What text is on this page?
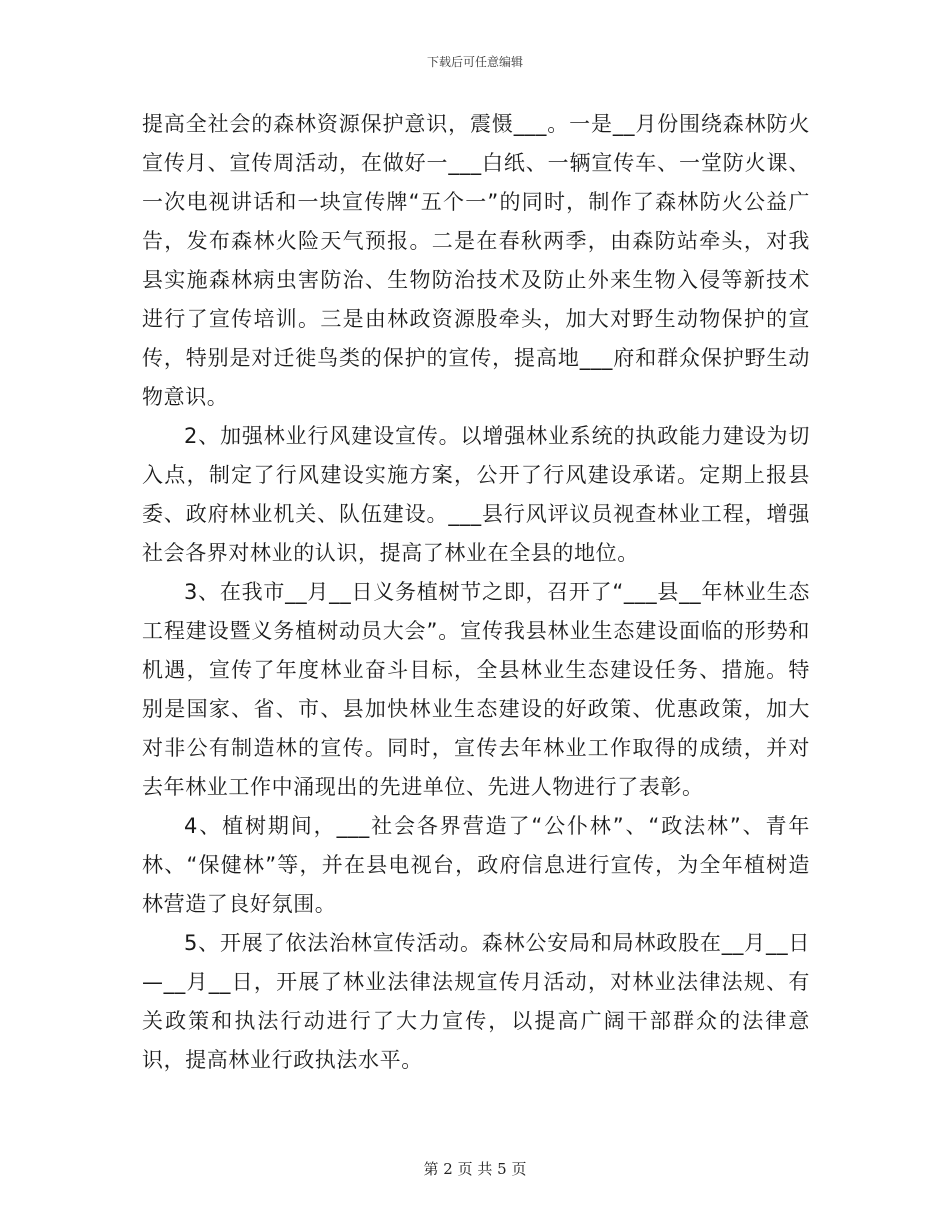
下载后可任意编辑

提高全社会的森林资源保护意识，震慑___。一是__月份围绕森林防火宣传月、宣传周活动，在做好一___白纸、一辆宣传车、一堂防火课、一次电视讲话和一块宣传牌“五个一”的同时，制作了森林防火公益广告，发布森林火险天气预报。二是在春秋两季，由森防站牵头，对我县实施森林病虫害防治、生物防治技术及防止外来生物入侵等新技术进行了宣传培训。三是由林政资源股牵头，加大对野生动物保护的宣传，特别是对迁徙鸟类的保护的宣传，提高地___府和群众保护野生动物意识。

2、加强林业行风建设宣传。以增强林业系统的执政能力建设为切入点，制定了行风建设实施方案，公开了行风建设承诺。定期上报县委、政府林业机关、队伍建设。___县行风评议员视查林业工程，增强社会各界对林业的认识，提高了林业在全县的地位。

3、在我市__月__日义务植树节之即，召开了“___县__年林业生态工程建设暨义务植树动员大会”。宣传我县林业生态建设面临的形势和机遇，宣传了年度林业奋斗目标，全县林业生态建设任务、措施。特别是国家、省、市、县加快林业生态建设的好政策、优惠政策，加大对非公有制造林的宣传。同时，宣传去年林业工作取得的成绩，并对去年林业工作中涌现出的先进单位、先进人物进行了表彰。

4、植树期间，___社会各界营造了“公仆林”、“政法林”、青年林、“保健林”等，并在县电视台，政府信息进行宣传，为全年植树造林营造了良好氛围。

5、开展了依法治林宣传活动。森林公安局和局林政股在__月__日—__月__日，开展了林业法律法规宣传月活动，对林业法律法规、有关政策和执法行动进行了大力宣传，以提高广阔干部群众的法律意识，提高林业行政执法水平。

第 2 页 共 5 页
